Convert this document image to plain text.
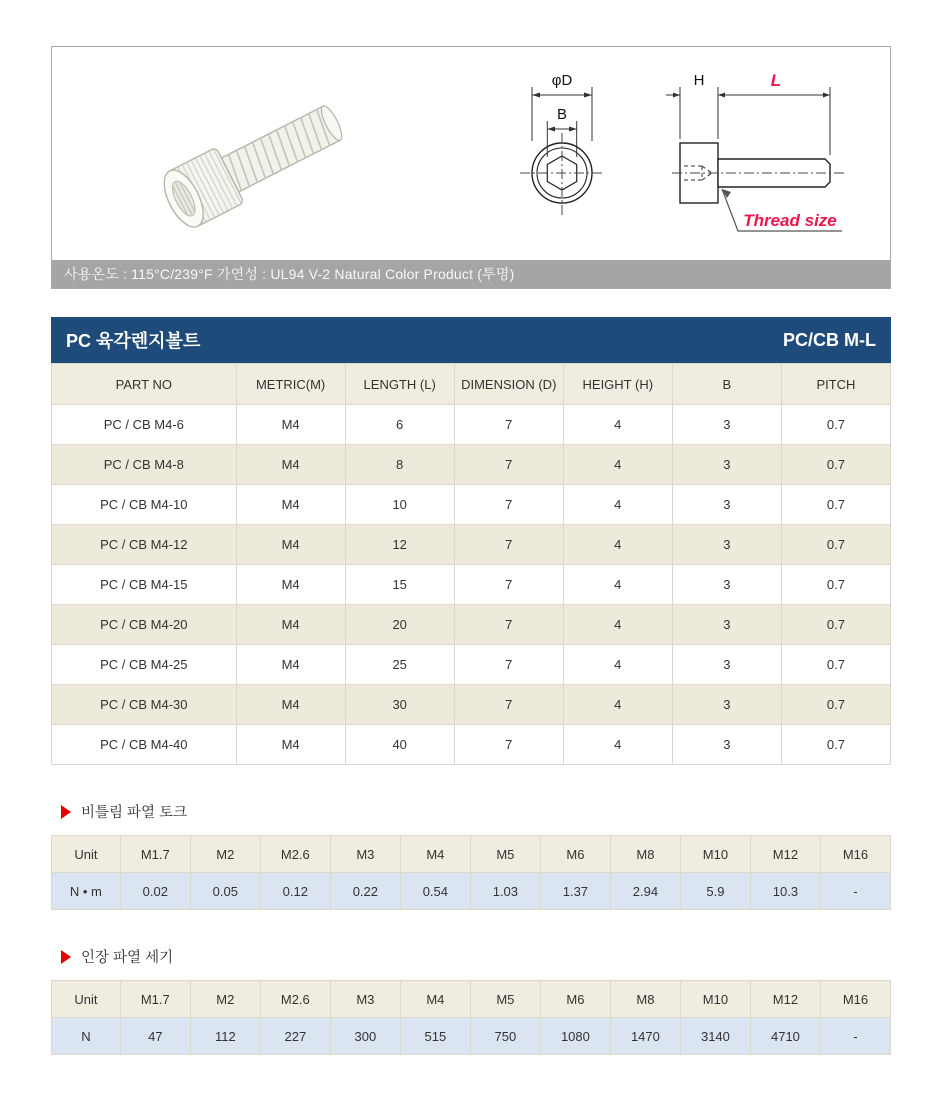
φD
B
H	L
Thread size
사용온도 : 115°C/239°F 가연성 : UL94 V-2 Natural Color Product (투명)
PC 육각렌지볼트	PC/CB M-L
PART NO	METRIC(M)	LENGTH (L)	DIMENSION (D)	HEIGHT (H)	B	PITCH
PC / CB M4-6	M4	6	7	4	3	0.7
PC / CB M4-8	M4	8	7	4	3	0.7
PC / CB M4-10	M4	10	7	4	3	0.7
PC / CB M4-12	M4	12	7	4	3	0.7
PC / CB M4-15	M4	15	7	4	3	0.7
PC / CB M4-20	M4	20	7	4	3	0.7
PC / CB M4-25	M4	25	7	4	3	0.7
PC / CB M4-30	M4	30	7	4	3	0.7
PC / CB M4-40	M4	40	7	4	3	0.7
비틀림 파열 토크
Unit	M1.7	M2	M2.6	M3	M4	M5	M6	M8	M10	M12	M16
N • m	0.02	0.05	0.12	0.22	0.54	1.03	1.37	2.94	5.9	10.3	-
인장 파열 세기
Unit	M1.7	M2	M2.6	M3	M4	M5	M6	M8	M10	M12	M16
N	47	112	227	300	515	750	1080	1470	3140	4710	-
